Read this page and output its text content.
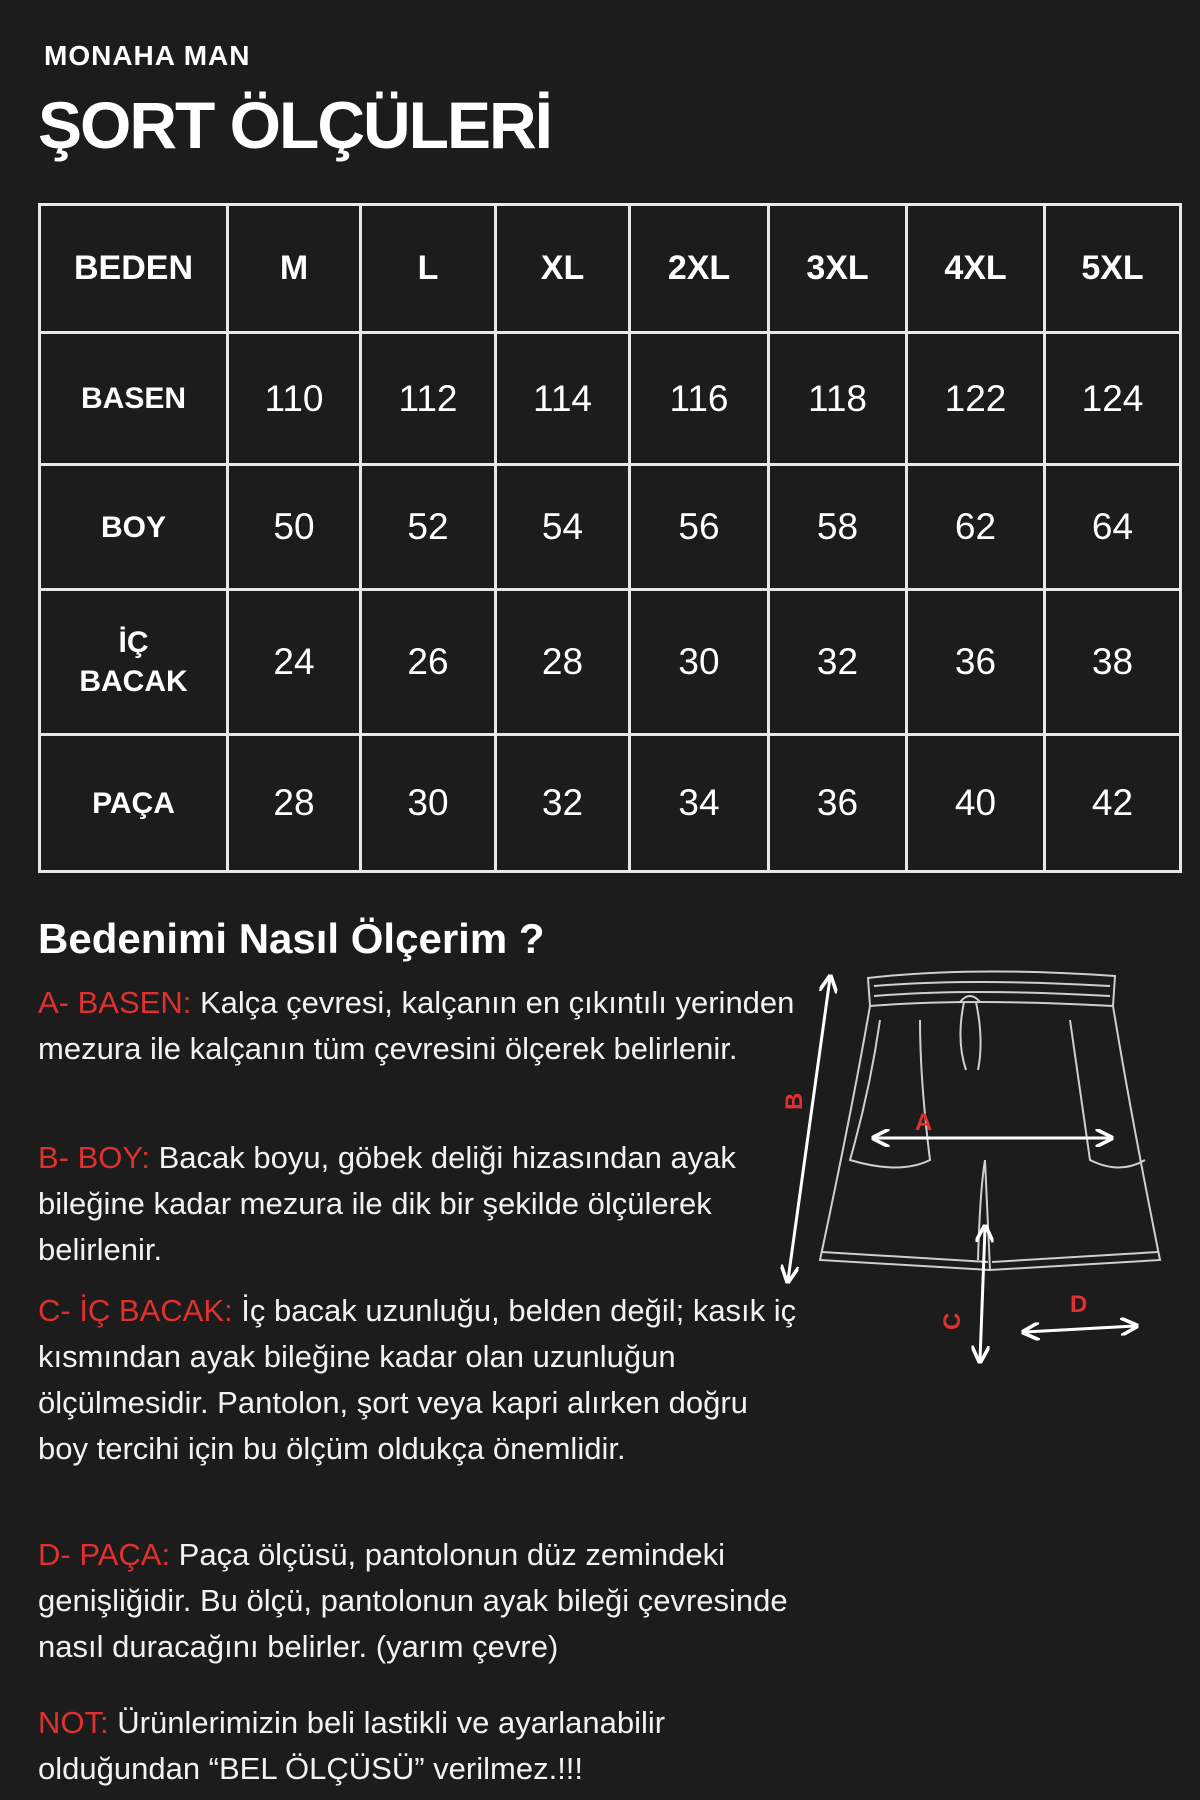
MONAHA MAN
ŞORT ÖLÇÜLERİ
BEDEN	M	L	XL	2XL	3XL	4XL	5XL
BASEN	110	112	114	116	118	122	124
BOY	50	52	54	56	58	62	64
İÇ
BACAK	24	26	28	30	32	36	38
PAÇA	28	30	32	34	36	40	42
Bedenimi Nasıl Ölçerim ?
A- BASEN: Kalça çevresi, kalçanın en çıkıntılı yerinden mezura ile kalçanın tüm çevresini ölçerek belirlenir.
B- BOY: Bacak boyu, göbek deliği hizasından ayak bileğine kadar mezura ile dik bir şekilde ölçülerek belirlenir.
C- İÇ BACAK: İç bacak uzunluğu, belden değil; kasık iç kısmından ayak bileğine kadar olan uzunluğun ölçülmesidir. Pantolon, şort veya kapri alırken doğru boy tercihi için bu ölçüm oldukça önemlidir.
D- PAÇA: Paça ölçüsü, pantolonun düz zemindeki genişliğidir. Bu ölçü, pantolonun ayak bileği çevresinde nasıl duracağını belirler. (yarım çevre)
NOT: Ürünlerimizin beli lastikli ve ayarlanabilir olduğundan “BEL ÖLÇÜSÜ” verilmez.!!!
B
A
C
D
